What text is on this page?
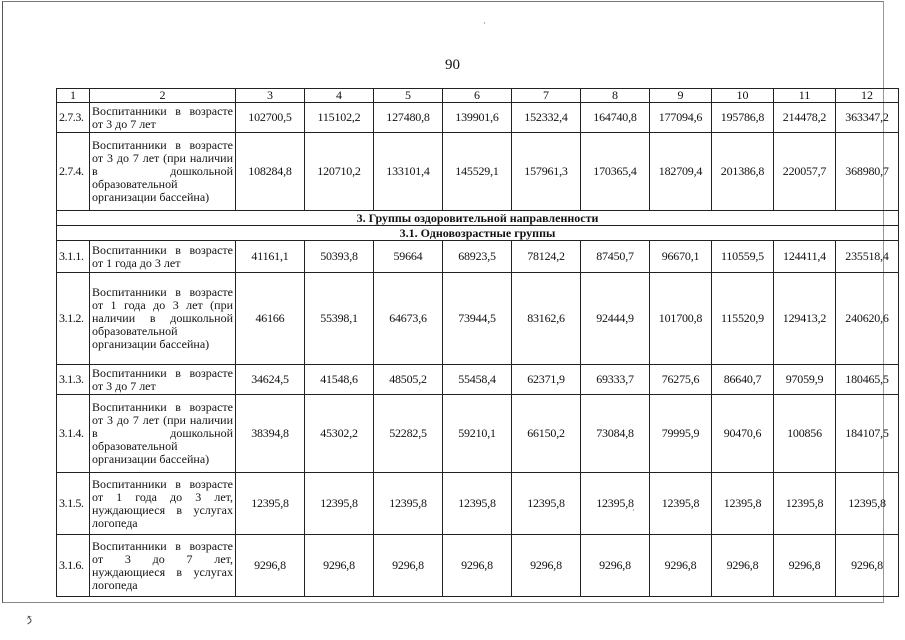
90
1	2	3	4	5	6	7	8	9	10	11	12
2.7.3.	Воспитанники в возрасте от 3 до 7 лет	102700,5	115102,2	127480,8	139901,6	152332,4	164740,8	177094,6	195786,8	214478,2	363347,2
2.7.4.	Воспитанники в возрасте от 3 до 7 лет (при наличии в дошкольной образовательной организации бассейна)	108284,8	120710,2	133101,4	145529,1	157961,3	170365,4	182709,4	201386,8	220057,7	368980,7
3. Группы оздоровительной направленности											
3.1. Одновозрастные группы											
3.1.1.	Воспитанники в возрасте от 1 года до 3 лет	41161,1	50393,8	59664	68923,5	78124,2	87450,7	96670,1	110559,5	124411,4	235518,4
3.1.2.	Воспитанники в возрасте от 1 года до 3 лет (при наличии в дошкольной образовательной организации бассейна)	46166	55398,1	64673,6	73944,5	83162,6	92444,9	101700,8	115520,9	129413,2	240620,6
3.1.3.	Воспитанники в возрасте от 3 до 7 лет	34624,5	41548,6	48505,2	55458,4	62371,9	69333,7	76275,6	86640,7	97059,9	180465,5
3.1.4.	Воспитанники в возрасте от 3 до 7 лет (при наличии в дошкольной образовательной организации бассейна)	38394,8	45302,2	52282,5	59210,1	66150,2	73084,8	79995,9	90470,6	100856	184107,5
3.1.5.	Воспитанники в возрасте от 1 года до 3 лет, нуждающиеся в услугах логопеда	12395,8	12395,8	12395,8	12395,8	12395,8	12395,8	12395,8	12395,8	12395,8	12395,8
3.1.6.	Воспитанники в возрасте от 3 до 7 лет, нуждающиеся в услугах логопеда	9296,8	9296,8	9296,8	9296,8	9296,8	9296,8	9296,8	9296,8	9296,8	9296,8
⤴
·
·
